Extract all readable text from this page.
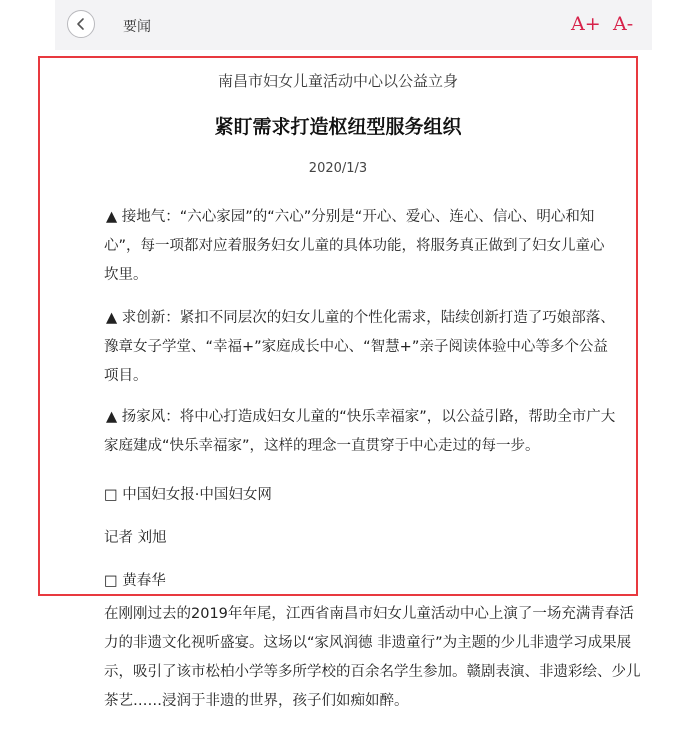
要闻	A+ A-
南昌市妇女儿童活动中心以公益立身
紧盯需求打造枢纽型服务组织
2020/1/3
▲ 接地气：“六心家园”的“六心”分别是“开心、爱心、连心、信心、明心和知心”，每一项都对应着服务妇女儿童的具体功能，将服务真正做到了妇女儿童心坎里。
▲ 求创新：紧扣不同层次的妇女儿童的个性化需求，陆续创新打造了巧娘部落、豫章女子学堂、“幸福+”家庭成长中心、“智慧+”亲子阅读体验中心等多个公益项目。
▲ 扬家风：将中心打造成妇女儿童的“快乐幸福家”，以公益引路，帮助全市广大家庭建成“快乐幸福家”，这样的理念一直贯穿于中心走过的每一步。
□ 中国妇女报·中国妇女网
记者 刘旭
□ 黄春华
在刚刚过去的2019年年尾，江西省南昌市妇女儿童活动中心上演了一场充满青春活力的非遗文化视听盛宴。这场以“家风润德 非遗童行”为主题的少儿非遗学习成果展示，吸引了该市松柏小学等多所学校的百余名学生参加。赣剧表演、非遗彩绘、少儿茶艺……浸润于非遗的世界，孩子们如痴如醉。
